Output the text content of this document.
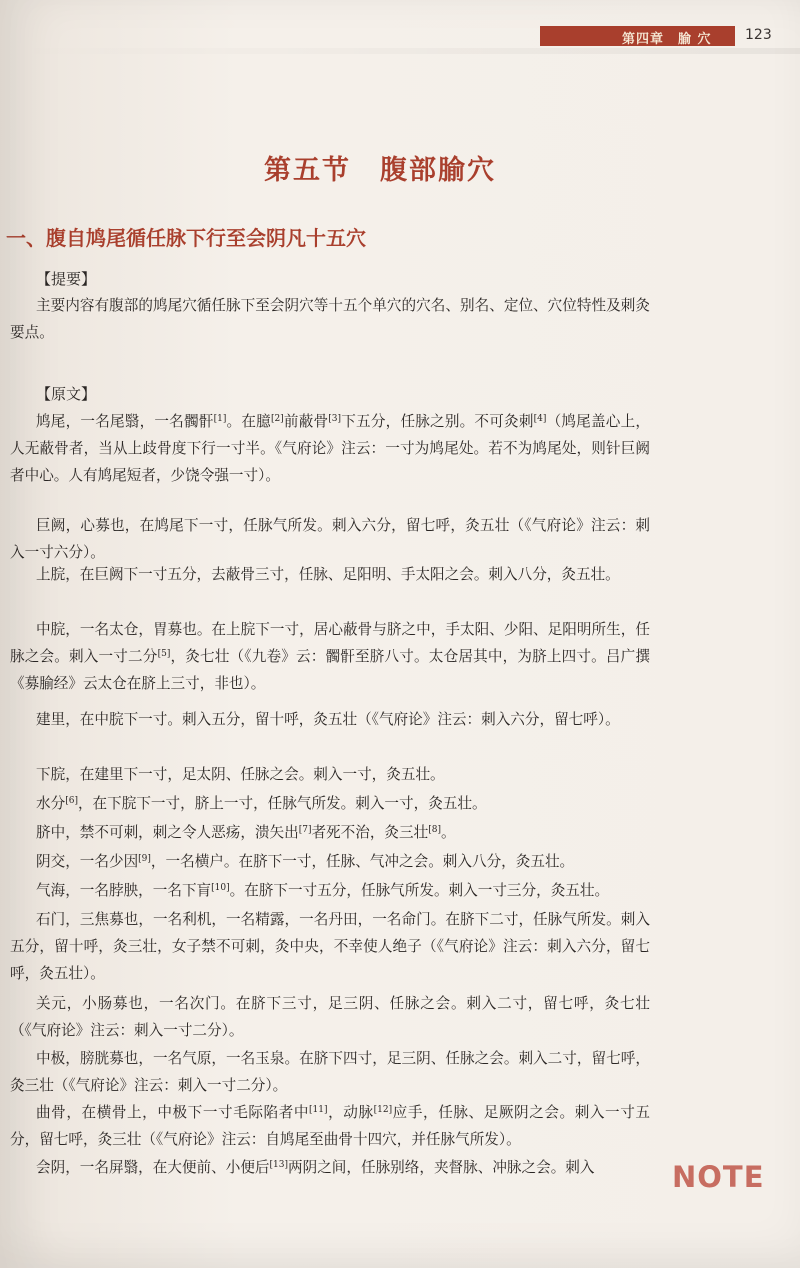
第四章　腧 穴 123
第五节　腹部腧穴
一、腹自鸠尾循任脉下行至会阴凡十五穴
【提要】

主要内容有腹部的鸠尾穴循任脉下至会阴穴等十五个单穴的穴名、别名、定位、穴位特性及刺灸要点。

【原文】

鸠尾，一名尾翳，一名髑骭[1]。在臆[2]前蔽骨[3]下五分，任脉之别。不可灸刺[4]（鸠尾盖心上，人无蔽骨者，当从上歧骨度下行一寸半。《气府论》注云：一寸为鸠尾处。若不为鸠尾处，则针巨阙者中心。人有鸠尾短者，少饶令强一寸）。

巨阙，心募也，在鸠尾下一寸，任脉气所发。刺入六分，留七呼，灸五壮（《气府论》注云：刺入一寸六分）。

上脘，在巨阙下一寸五分，去蔽骨三寸，任脉、足阳明、手太阳之会。刺入八分，灸五壮。

中脘，一名太仓，胃募也。在上脘下一寸，居心蔽骨与脐之中，手太阳、少阳、足阳明所生，任脉之会。刺入一寸二分[5]，灸七壮（《九卷》云：髑骭至脐八寸。太仓居其中，为脐上四寸。吕广撰《募腧经》云太仓在脐上三寸，非也）。

建里，在中脘下一寸。刺入五分，留十呼，灸五壮（《气府论》注云：刺入六分，留七呼）。

下脘，在建里下一寸，足太阴、任脉之会。刺入一寸，灸五壮。

水分[6]，在下脘下一寸，脐上一寸，任脉气所发。刺入一寸，灸五壮。

脐中，禁不可刺，刺之令人恶疡，溃矢出[7]者死不治，灸三壮[8]。

阴交，一名少因[9]，一名横户。在脐下一寸，任脉、气冲之会。刺入八分，灸五壮。

气海，一名脖胦，一名下肓[10]。在脐下一寸五分，任脉气所发。刺入一寸三分，灸五壮。

石门，三焦募也，一名利机，一名精露，一名丹田，一名命门。在脐下二寸，任脉气所发。刺入五分，留十呼，灸三壮，女子禁不可刺，灸中央，不幸使人绝子（《气府论》注云：刺入六分，留七呼，灸五壮）。

关元，小肠募也，一名次门。在脐下三寸，足三阴、任脉之会。刺入二寸，留七呼，灸七壮（《气府论》注云：刺入一寸二分）。

中极，膀胱募也，一名气原，一名玉泉。在脐下四寸，足三阴、任脉之会。刺入二寸，留七呼，灸三壮（《气府论》注云：刺入一寸二分）。

曲骨，在横骨上，中极下一寸毛际陷者中[11]，动脉[12]应手，任脉、足厥阴之会。刺入一寸五分，留七呼，灸三壮（《气府论》注云：自鸠尾至曲骨十四穴，并任脉气所发）。

会阴，一名屏翳，在大便前、小便后[13]两阴之间，任脉别络，夹督脉、冲脉之会。刺入	NOTE
